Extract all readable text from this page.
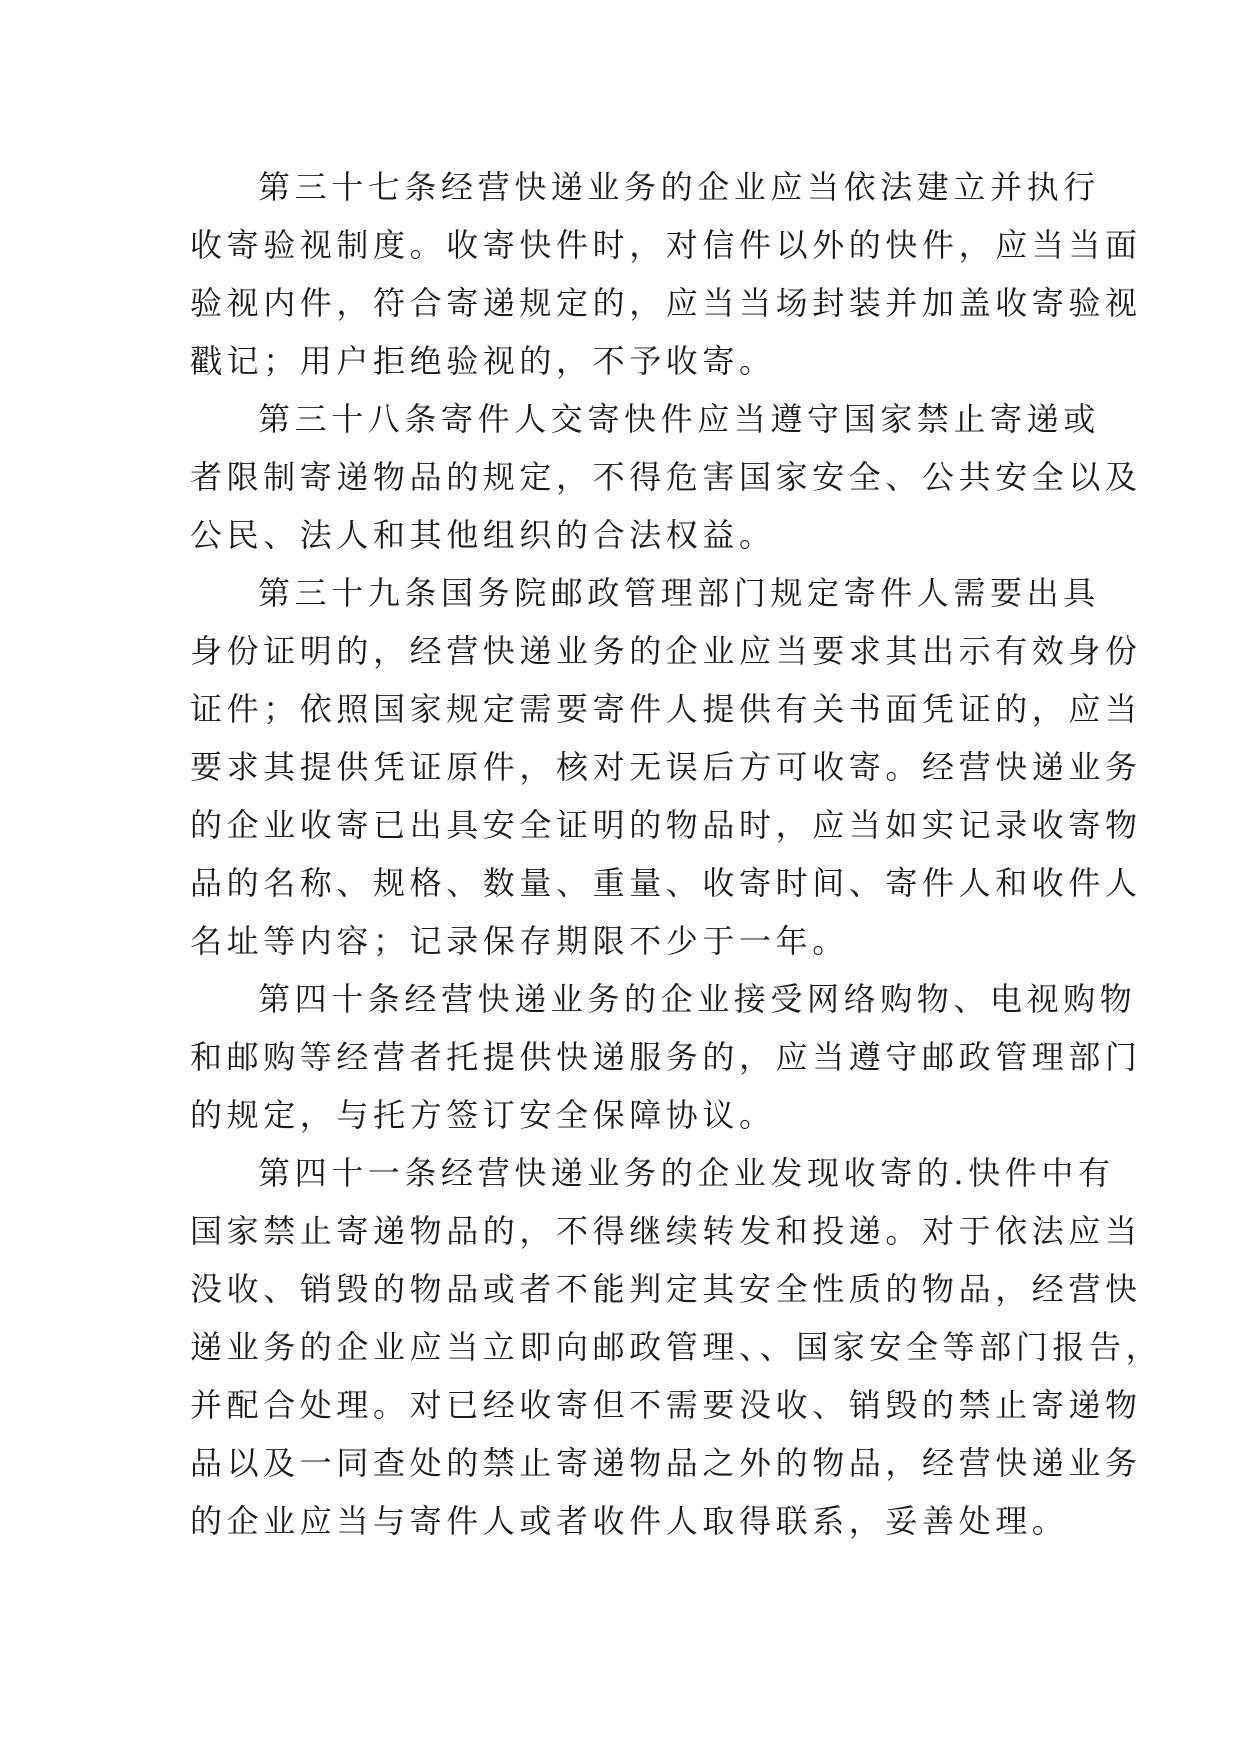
第三十七条经营快递业务的企业应当依法建立并执行
收寄验视制度。收寄快件时，对信件以外的快件，应当当面
验视内件，符合寄递规定的，应当当场封装并加盖收寄验视
戳记；用户拒绝验视的，不予收寄。
第三十八条寄件人交寄快件应当遵守国家禁止寄递或
者限制寄递物品的规定，不得危害国家安全、公共安全以及
公民、法人和其他组织的合法权益。
第三十九条国务院邮政管理部门规定寄件人需要出具
身份证明的，经营快递业务的企业应当要求其出示有效身份
证件；依照国家规定需要寄件人提供有关书面凭证的，应当
要求其提供凭证原件，核对无误后方可收寄。经营快递业务
的企业收寄已出具安全证明的物品时，应当如实记录收寄物
品的名称、规格、数量、重量、收寄时间、寄件人和收件人
名址等内容；记录保存期限不少于一年。
第四十条经营快递业务的企业接受网络购物、电视购物
和邮购等经营者托提供快递服务的，应当遵守邮政管理部门
的规定，与托方签订安全保障协议。
第四十一条经营快递业务的企业发现收寄的.快件中有
国家禁止寄递物品的，不得继续转发和投递。对于依法应当
没收、销毁的物品或者不能判定其安全性质的物品，经营快
递业务的企业应当立即向邮政管理、、国家安全等部门报告，
并配合处理。对已经收寄但不需要没收、销毁的禁止寄递物
品以及一同查处的禁止寄递物品之外的物品，经营快递业务
的企业应当与寄件人或者收件人取得联系，妥善处理。
